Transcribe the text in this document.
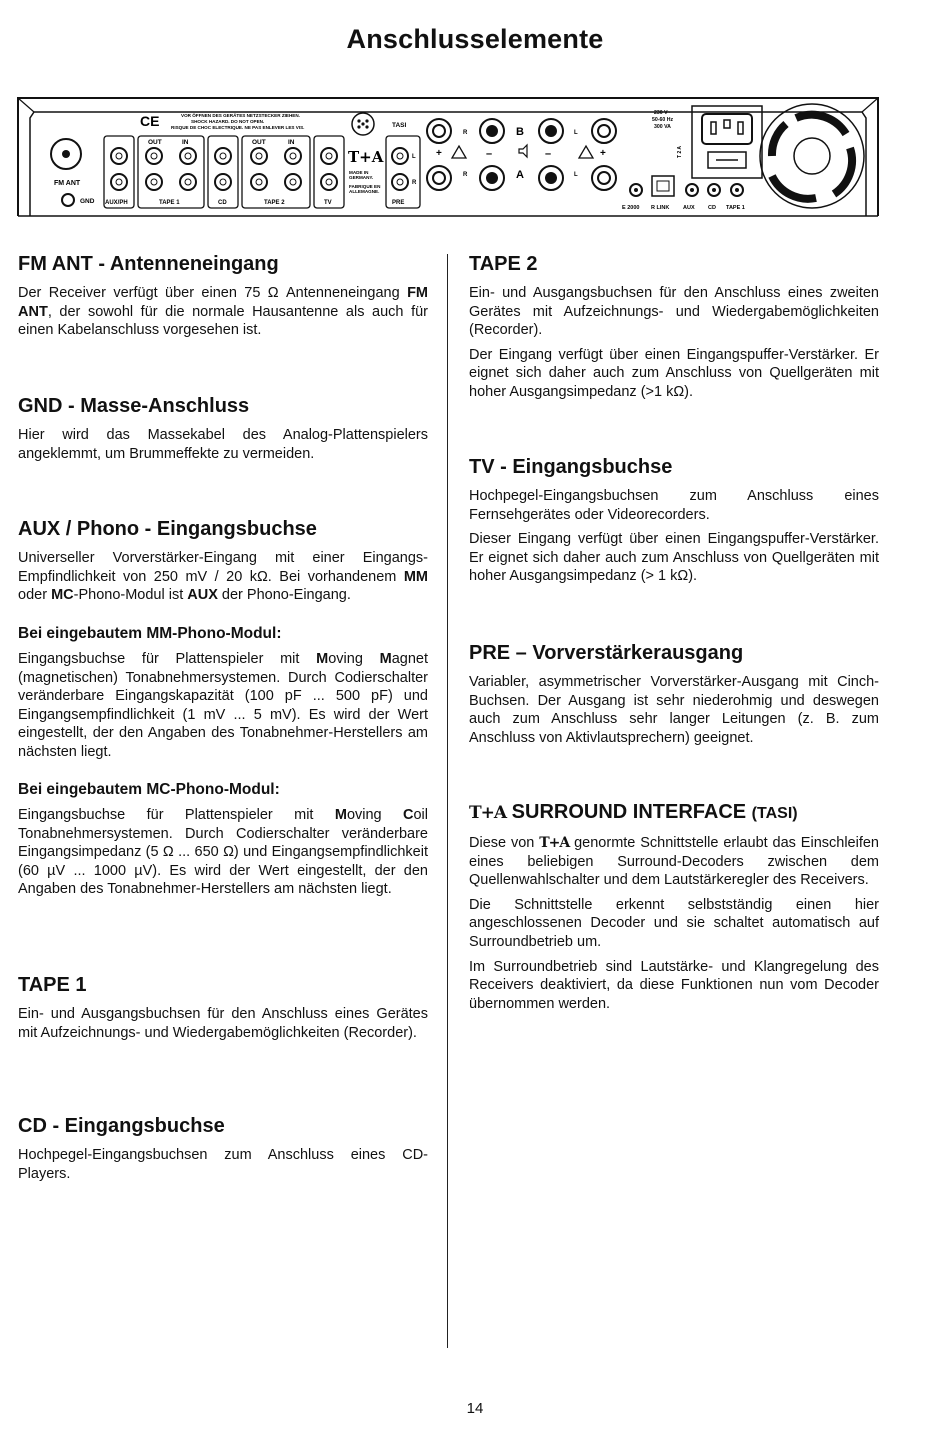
Anschlusselemente
FM ANT
GND AUX/PH
OUT	IN
TAPE 1	CD
OUT	IN
TAPE 2	TV
CE	VOR ÖFFNEN DES GERÄTES NETZSTECKER ZIEHEN.
SHOCK HAZARD. DO NOT OPEN.
RISQUE DE CHOC ELECTRIQUE. NE PAS ENLEVER LES VIS.
T+A
MADE IN
GERMANY.
FABRIQUE EN
ALLEMAGNE.
TASI
L
R
PRE
R
R
L
L
B
A
+	–	–	+
230 V~
50-60 Hz
300 VA
T 2 A
E 2000 R LINK AUX CD TAPE 1
FM ANT - Antenneneingang

Der Receiver verfügt über einen 75 Ω Antenneneingang FM ANT, der sowohl für die normale Hausantenne als auch für einen Kabelanschluss vorgesehen ist.

GND - Masse-Anschluss

Hier wird das Massekabel des Analog-Plattenspielers angeklemmt, um Brummeffekte zu vermeiden.

AUX / Phono - Eingangsbuchse

Universeller Vorverstärker-Eingang mit einer Eingangs-Empfindlichkeit von 250 mV / 20 kΩ. Bei vorhandenem MM oder MC-Phono-Modul ist AUX der Phono-Eingang.

Bei eingebautem MM-Phono-Modul:

Eingangsbuchse für Plattenspieler mit Moving Magnet (magnetischen) Tonabnehmersystemen. Durch Codierschalter veränderbare Eingangskapazität (100 pF ... 500 pF) und Eingangsempfindlichkeit (1 mV ... 5 mV). Es wird der Wert eingestellt, der den Angaben des Tonabnehmer-Herstellers am nächsten liegt.

Bei eingebautem MC-Phono-Modul:

Eingangsbuchse für Plattenspieler mit Moving Coil Tonabnehmersystemen. Durch Codierschalter veränderbare Eingangsimpedanz (5 Ω ... 650 Ω) und Eingangsempfindlichkeit (60 µV ... 1000 µV). Es wird der Wert eingestellt, der den Angaben des Tonabnehmer-Herstellers am nächsten liegt.

TAPE 1

Ein- und Ausgangsbuchsen für den Anschluss eines Gerätes mit Aufzeichnungs- und Wiedergabemöglichkeiten (Recorder).

CD - Eingangsbuchse

Hochpegel-Eingangsbuchsen zum Anschluss eines CD-Players.

TAPE 2

Ein- und Ausgangsbuchsen für den Anschluss eines zweiten Gerätes mit Aufzeichnungs- und Wiedergabemöglichkeiten (Recorder).

Der Eingang verfügt über einen Eingangspuffer-Verstärker. Er eignet sich daher auch zum Anschluss von Quellgeräten mit hoher Ausgangsimpedanz (>1 kΩ).

TV - Eingangsbuchse

Hochpegel-Eingangsbuchsen zum Anschluss eines Fernsehgerätes oder Videorecorders.

Dieser Eingang verfügt über einen Eingangspuffer-Verstärker. Er eignet sich daher auch zum Anschluss von Quellgeräten mit hoher Ausgangsimpedanz (> 1 kΩ).

PRE – Vorverstärkerausgang

Variabler, asymmetrischer Vorverstärker-Ausgang mit Cinch-Buchsen. Der Ausgang ist sehr niederohmig und deswegen auch zum Anschluss sehr langer Leitungen (z. B. zum Anschluss von Aktivlautsprechern) geeignet.

T+A SURROUND INTERFACE (TASI)

Diese von T+A genormte Schnittstelle erlaubt das Einschleifen eines beliebigen Surround-Decoders zwischen dem Quellenwahlschalter und dem Lautstärkeregler des Receivers.

Die Schnittstelle erkennt selbstständig einen hier angeschlossenen Decoder und sie schaltet automatisch auf Surroundbetrieb um.

Im Surroundbetrieb sind Lautstärke- und Klangregelung des Receivers deaktiviert, da diese Funktionen nun vom Decoder übernommen werden.

14
